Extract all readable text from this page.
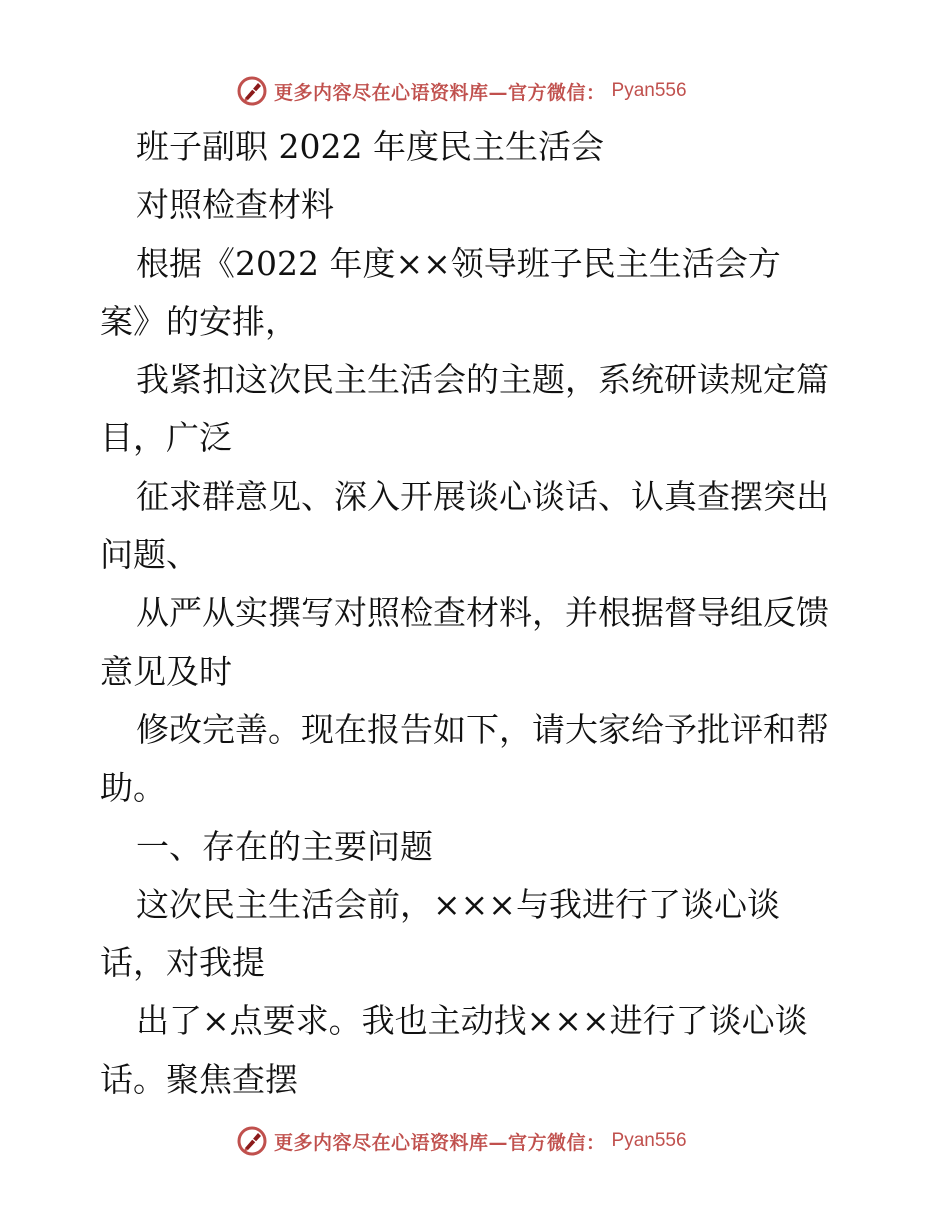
更多内容尽在心语资料库—官方微信： Pyan556

班子副职 2022 年度民主生活会

对照检查材料

根据《2022 年度××领导班子民主生活会方
案》的安排，

我紧扣这次民主生活会的主题，系统研读规定篇目，广泛

征求群意见、深入开展谈心谈话、认真查摆突出问题、

从严从实撰写对照检查材料，并根据督导组反馈意见及时

修改完善。现在报告如下，请大家给予批评和帮助。

一、存在的主要问题

这次民主生活会前，×××与我进行了谈心谈
话，对我提

出了×点要求。我也主动找×××进行了谈心谈话。聚焦查摆

更多内容尽在心语资料库—官方微信： Pyan556
